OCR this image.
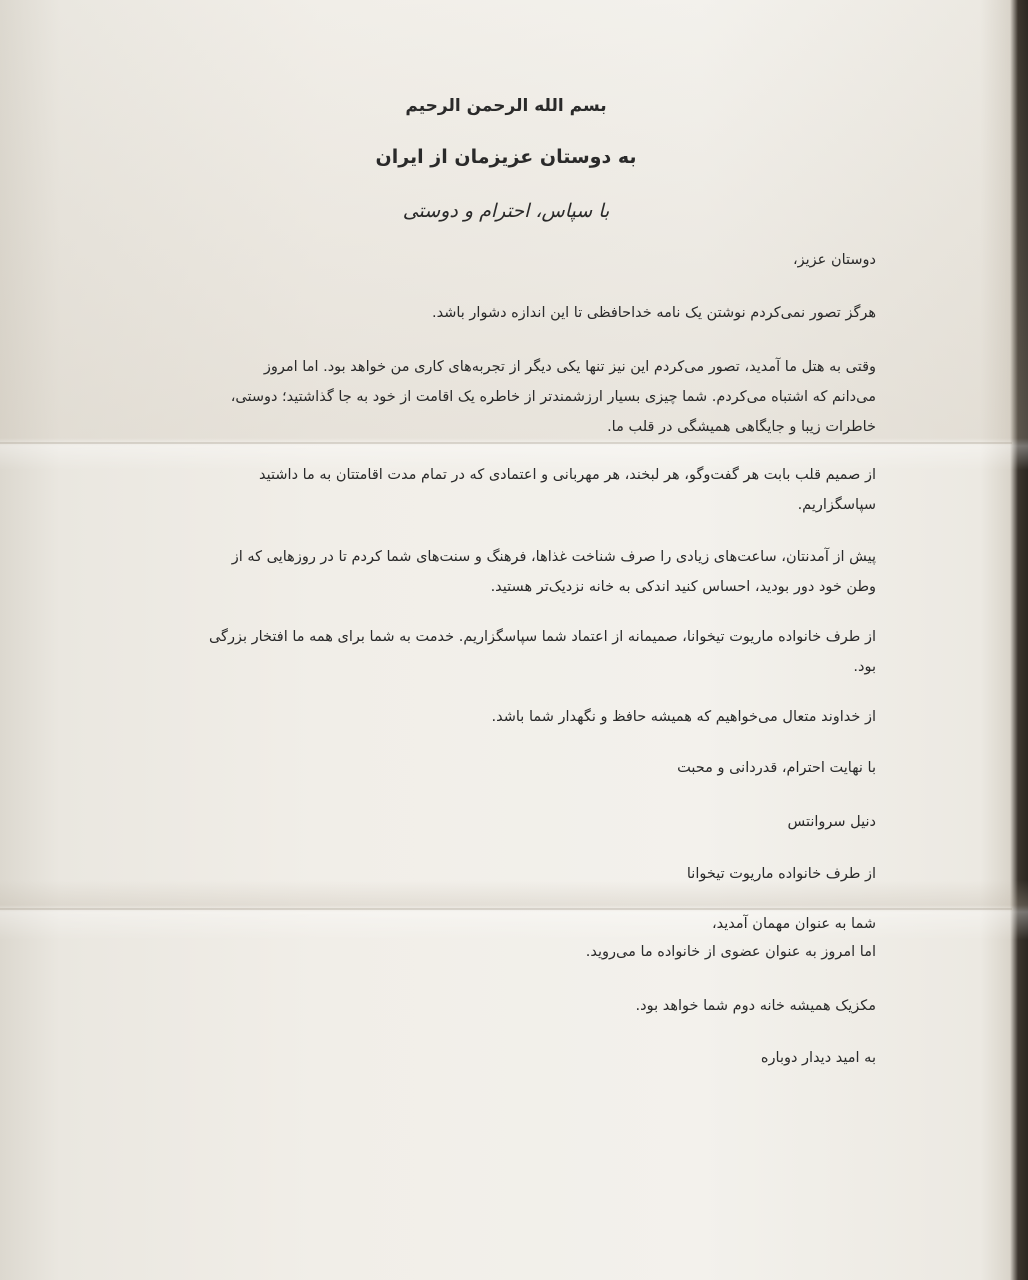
بسم الله الرحمن الرحیم
به دوستان عزیزمان از ایران
با سپاس، احترام و دوستی
دوستان عزیز،
هرگز تصور نمی‌کردم نوشتن یک نامه خداحافظی تا این اندازه دشوار باشد.
وقتی به هتل ما آمدید، تصور می‌کردم این نیز تنها یکی دیگر از تجربه‌های کاری من خواهد بود. اما امروز
می‌دانم که اشتباه می‌کردم. شما چیزی بسیار ارزشمندتر از خاطره یک اقامت از خود به جا گذاشتید؛ دوستی،
خاطرات زیبا و جایگاهی همیشگی در قلب ما.
از صمیم قلب بابت هر گفت‌وگو، هر لبخند، هر مهربانی و اعتمادی که در تمام مدت اقامتتان به ما داشتید
سپاسگزاریم.
پیش از آمدنتان، ساعت‌های زیادی را صرف شناخت غذاها، فرهنگ و سنت‌های شما کردم تا در روزهایی که از
وطن خود دور بودید، احساس کنید اندکی به خانه نزدیک‌تر هستید.
از طرف خانواده ماریوت تیخوانا، صمیمانه از اعتماد شما سپاسگزاریم. خدمت به شما برای همه ما افتخار بزرگی
بود.
از خداوند متعال می‌خواهیم که همیشه حافظ و نگهدار شما باشد.
با نهایت احترام، قدردانی و محبت
دنیل سروانتس
از طرف خانواده ماریوت تیخوانا
شما به عنوان مهمان آمدید،
اما امروز به عنوان عضوی از خانواده ما می‌روید.
مکزیک همیشه خانه دوم شما خواهد بود.
به امید دیدار دوباره
